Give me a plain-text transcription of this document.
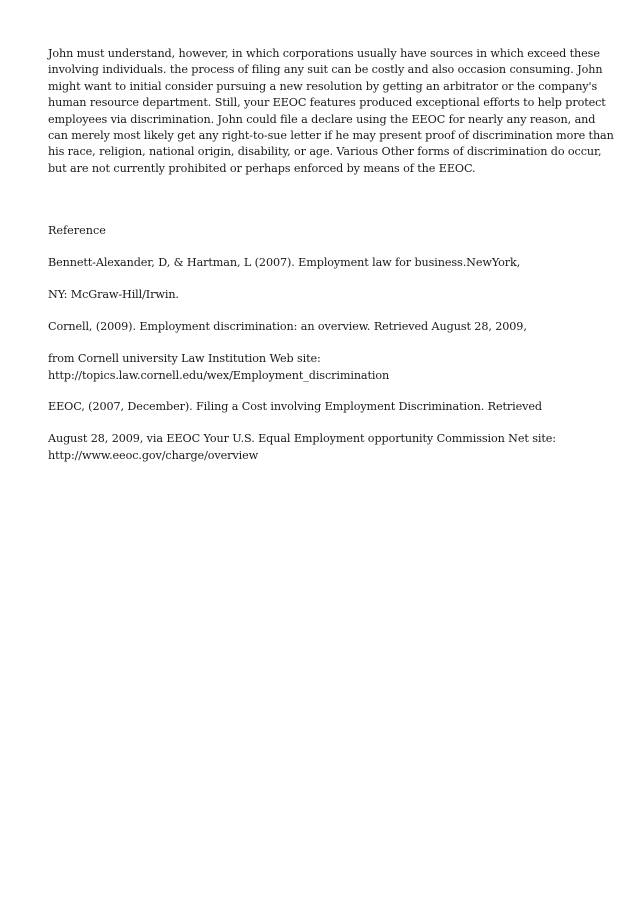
John must understand, however, in which corporations usually have sources in which exceed these
involving individuals. the process of filing any suit can be costly and also occasion consuming. John
might want to initial consider pursuing a new resolution by getting an arbitrator or the company's
human resource department. Still, your EEOC features produced exceptional efforts to help protect
employees via discrimination. John could file a declare using the EEOC for nearly any reason, and
can merely most likely get any right-to-sue letter if he may present proof of discrimination more than
his race, religion, national origin, disability, or age. Various Other forms of discrimination do occur,
but are not currently prohibited or perhaps enforced by means of the EEOC.
Reference
Bennett-Alexander, D, & Hartman, L (2007). Employment law for business.NewYork,
NY: McGraw-Hill/Irwin.
Cornell, (2009). Employment discrimination: an overview. Retrieved August 28, 2009,
from Cornell university Law Institution Web site:
http://topics.law.cornell.edu/wex/Employment_discrimination
EEOC, (2007, December). Filing a Cost involving Employment Discrimination. Retrieved
August 28, 2009, via EEOC Your U.S. Equal Employment opportunity Commission Net site:
http://www.eeoc.gov/charge/overview
